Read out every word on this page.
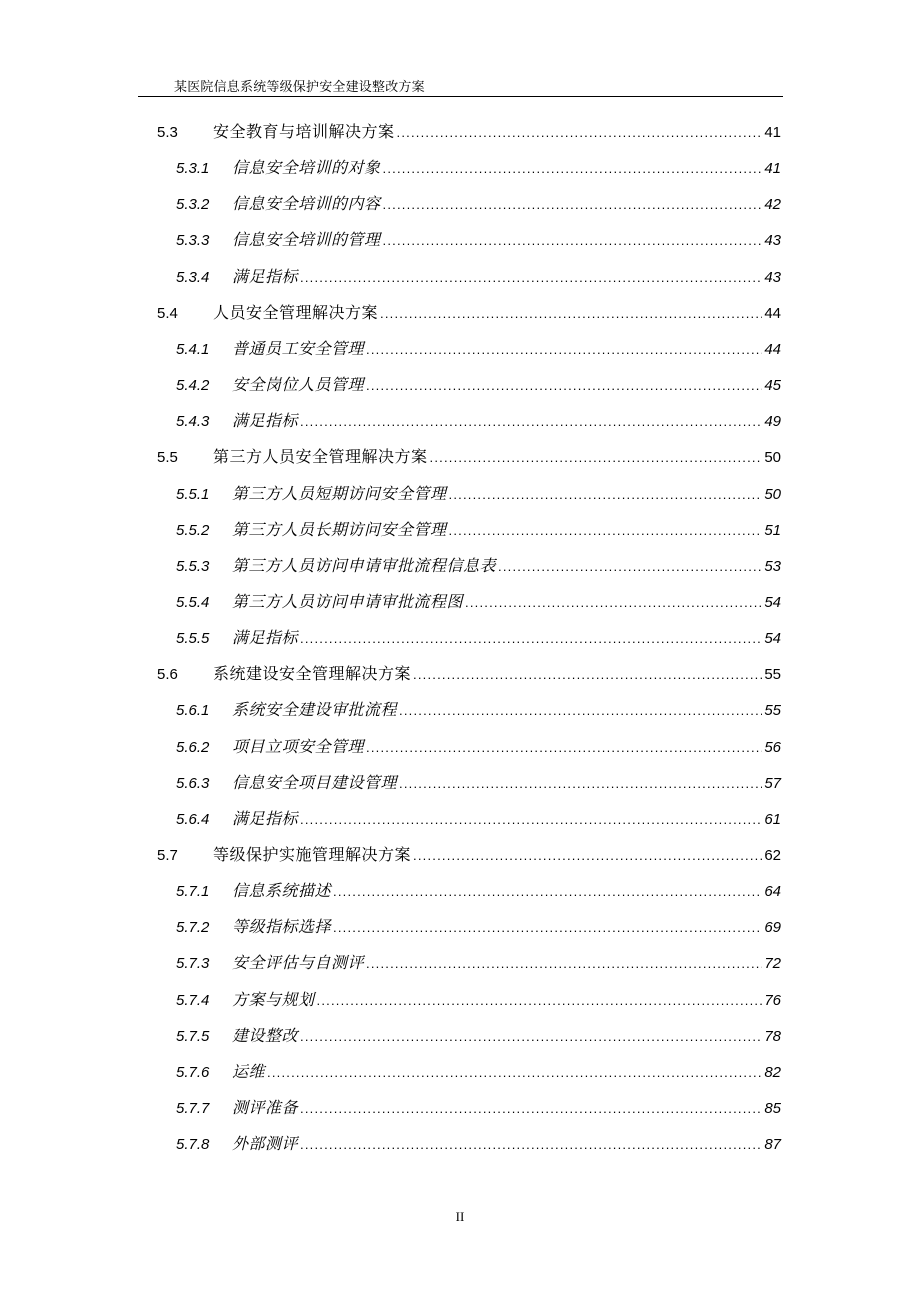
某医院信息系统等级保护安全建设整改方案
5.3	安全教育与培训解决方案 .....	41
5.3.1	信息安全培训的对象 .....	41
5.3.2	信息安全培训的内容 .....	42
5.3.3	信息安全培训的管理 .....	43
5.3.4	满足指标 .....	43
5.4	人员安全管理解决方案 .....	44
5.4.1	普通员工安全管理 .....	44
5.4.2	安全岗位人员管理 .....	45
5.4.3	满足指标 .....	49
5.5	第三方人员安全管理解决方案 .....	50
5.5.1	第三方人员短期访问安全管理 .....	50
5.5.2	第三方人员长期访问安全管理 .....	51
5.5.3	第三方人员访问申请审批流程信息表 .....	53
5.5.4	第三方人员访问申请审批流程图 .....	54
5.5.5	满足指标 .....	54
5.6	系统建设安全管理解决方案 .....	55
5.6.1	系统安全建设审批流程 .....	55
5.6.2	项目立项安全管理 .....	56
5.6.3	信息安全项目建设管理 .....	57
5.6.4	满足指标 .....	61
5.7	等级保护实施管理解决方案 .....	62
5.7.1	信息系统描述 .....	64
5.7.2	等级指标选择 .....	69
5.7.3	安全评估与自测评 .....	72
5.7.4	方案与规划 .....	76
5.7.5	建设整改 .....	78
5.7.6	运维 .....	82
5.7.7	测评准备 .....	85
5.7.8	外部测评 .....	87
II
